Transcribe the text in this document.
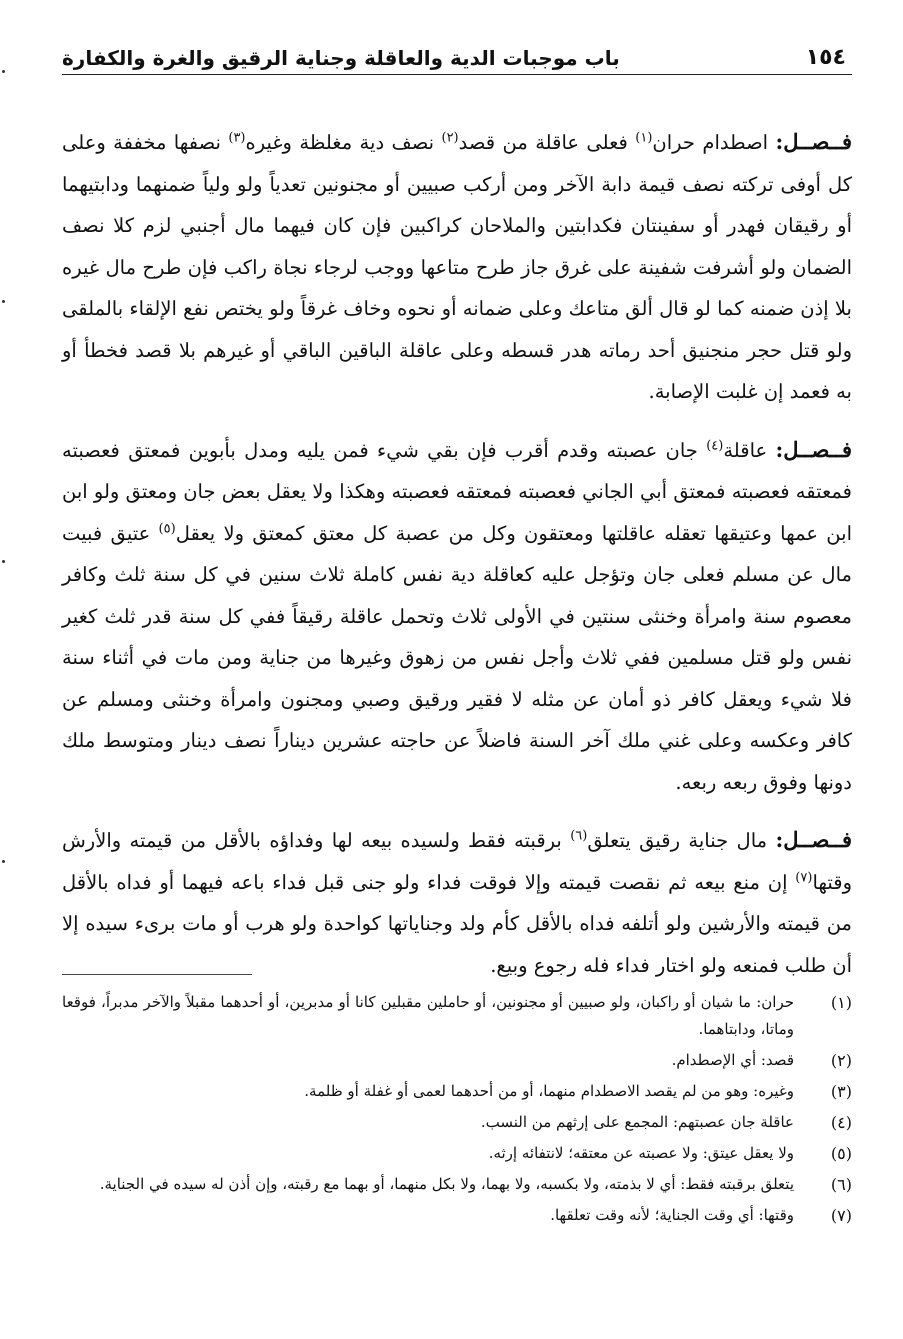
باب موجبات الدية والعاقلة وجناية الرقيق والغرة والكفارة	١٥٤

فــصــل: اصطدام حران$^{(١)}$ فعلى عاقلة من قصد$^{(٢)}$ نصف دية مغلظة وغيره$^{(٣)}$ نصفها مخففة وعلى كل أوفى تركته نصف قيمة دابة الآخر ومن أركب صبيين أو مجنونين تعدياً ولو ولياً ضمنهما ودابتيهما أو رقيقان فهدر أو سفينتان فكدابتين والملاحان كراكبين فإن كان فيهما مال أجنبي لزم كلا نصف الضمان ولو أشرفت شفينة على غرق جاز طرح متاعها ووجب لرجاء نجاة راكب فإن طرح مال غيره بلا إذن ضمنه كما لو قال ألق متاعك وعلى ضمانه أو نحوه وخاف غرقاً ولو يختص نفع الإلقاء بالملقى ولو قتل حجر منجنيق أحد رماته هدر قسطه وعلى عاقلة الباقين الباقي أو غيرهم بلا قصد فخطأ أو به فعمد إن غلبت الإصابة.

فــصــل: عاقلة$^{(٤)}$ جان عصبته وقدم أقرب فإن بقي شيء فمن يليه ومدل بأبوين فمعتق فعصبته فمعتقه فعصبته فمعتق أبي الجاني فعصبته فمعتقه فعصبته وهكذا ولا يعقل بعض جان ومعتق ولو ابن ابن عمها وعتيقها تعقله عاقلتها ومعتقون وكل من عصبة كل معتق كمعتق ولا يعقل$^{(٥)}$ عتيق فبيت مال عن مسلم فعلى جان وتؤجل عليه كعاقلة دية نفس كاملة ثلاث سنين في كل سنة ثلث وكافر معصوم سنة وامرأة وخنثى سنتين في الأولى ثلاث وتحمل عاقلة رقيقاً ففي كل سنة قدر ثلث كغير نفس ولو قتل مسلمين ففي ثلاث وأجل نفس من زهوق وغيرها من جناية ومن مات في أثناء سنة فلا شيء ويعقل كافر ذو أمان عن مثله لا فقير ورقيق وصبي ومجنون وامرأة وخنثى ومسلم عن كافر وعكسه وعلى غني ملك آخر السنة فاضلاً عن حاجته عشرين ديناراً نصف دينار ومتوسط ملك دونها وفوق ربعه ربعه.

فــصــل: مال جناية رقيق يتعلق$^{(٦)}$ برقبته فقط ولسيده بيعه لها وفداؤه بالأقل من قيمته والأرش وقتها$^{(٧)}$ إن منع بيعه ثم نقصت قيمته وإلا فوقت فداء ولو جنى قبل فداء باعه فيهما أو فداه بالأقل من قيمته والأرشين ولو أتلفه فداه بالأقل كأم ولد وجناياتها كواحدة ولو هرب أو مات برىء سيده إلا أن طلب فمنعه ولو اختار فداء فله رجوع وبيع.

(١)
حران: ما شيان أو راكبان، ولو صبيين أو مجنونين، أو حاملين مقبلين كانا أو مدبرين، أو أحدهما مقبلاً والآخر مدبراً، فوقعا وماتا، ودابتاهما.
(٢)
قصد: أي الإصطدام.
(٣)
وغيره: وهو من لم يقصد الاصطدام منهما، أو من أحدهما لعمى أو غفلة أو ظلمة.
(٤)
عاقلة جان عصبتهم: المجمع على إرثهم من النسب.
(٥)
ولا يعقل عيتق: ولا عصبته عن معتقه؛ لانتفائه إرثه.
(٦)
يتعلق برقبته فقط: أي لا بذمته، ولا بكسبه، ولا بهما، ولا بكل منهما، أو بهما مع رقبته، وإن أذن له سيده في الجناية.
(٧)
وقتها: أي وقت الجناية؛ لأنه وقت تعلقها.
